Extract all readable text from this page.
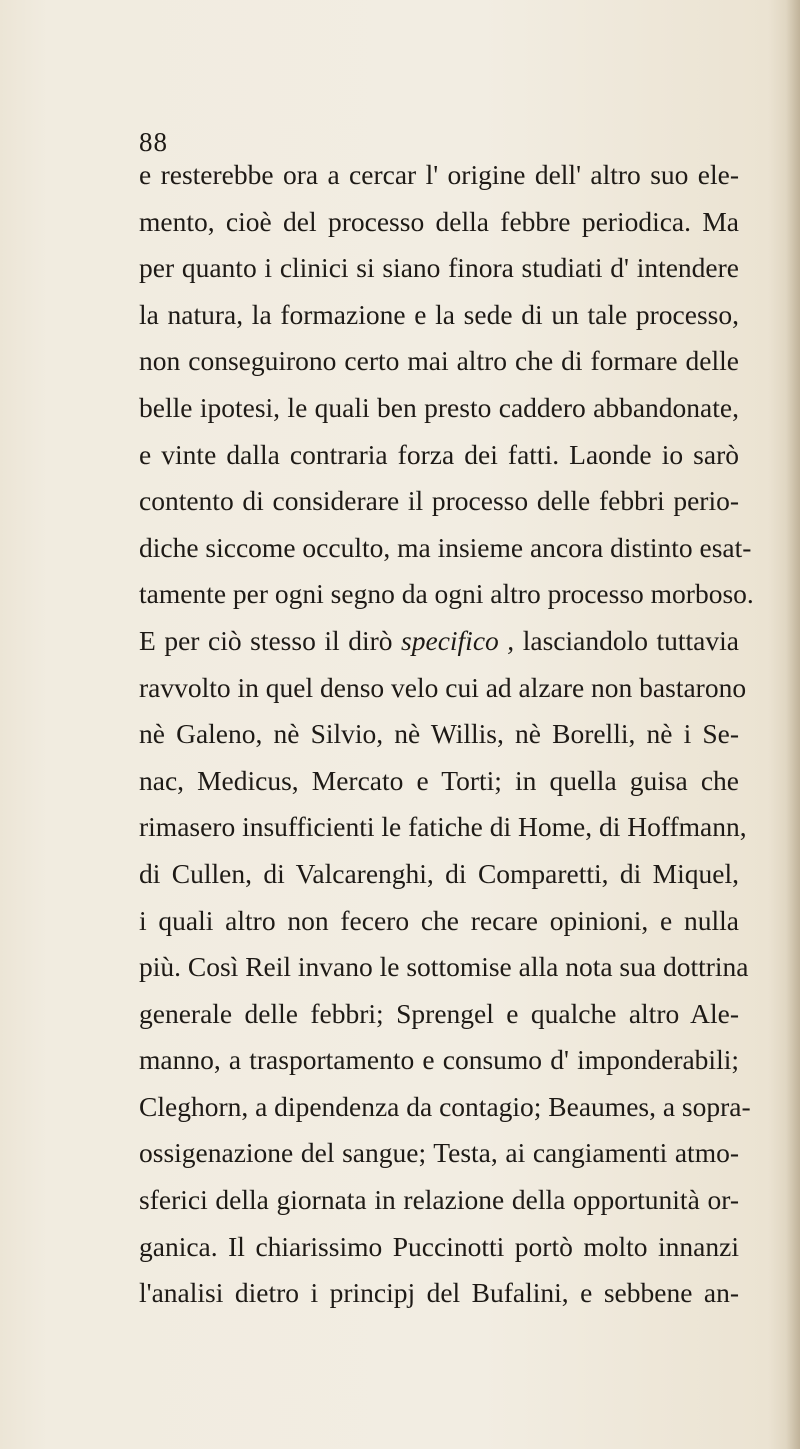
88
e resterebbe ora a cercar l' origine dell' altro suo ele-
mento, cioè del processo della febbre periodica. Ma
per quanto i clinici si siano finora studiati d' intendere
la natura, la formazione e la sede di un tale processo,
non conseguirono certo mai altro che di formare delle
belle ipotesi, le quali ben presto caddero abbandonate,
e vinte dalla contraria forza dei fatti. Laonde io sarò
contento di considerare il processo delle febbri perio-
diche siccome occulto, ma insieme ancora distinto esat-
tamente per ogni segno da ogni altro processo morboso.
E per ciò stesso il dirò specifico , lasciandolo tuttavia
ravvolto in quel denso velo cui ad alzare non bastarono
nè Galeno, nè Silvio, nè Willis, nè Borelli, nè i Se-
nac, Medicus, Mercato e Torti; in quella guisa che
rimasero insufficienti le fatiche di Home, di Hoffmann,
di Cullen, di Valcarenghi, di Comparetti, di Miquel,
i quali altro non fecero che recare opinioni, e nulla
più. Così Reil invano le sottomise alla nota sua dottrina
generale delle febbri; Sprengel e qualche altro Ale-
manno, a trasportamento e consumo d' imponderabili;
Cleghorn, a dipendenza da contagio; Beaumes, a sopra-
ossigenazione del sangue; Testa, ai cangiamenti atmo-
sferici della giornata in relazione della opportunità or-
ganica. Il chiarissimo Puccinotti portò molto innanzi
l'analisi dietro i principj del Bufalini, e sebbene an-
